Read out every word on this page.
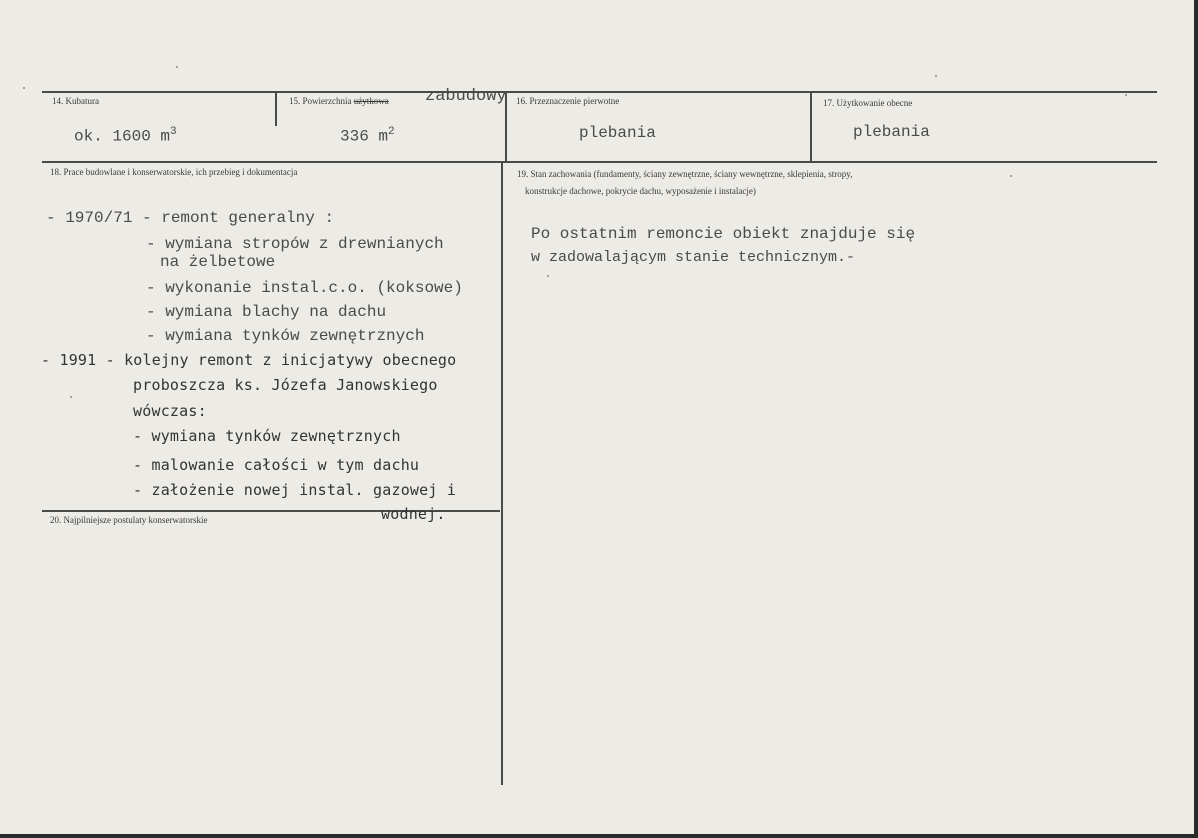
14. Kubatura
ok. 1600 $m^3$
15. Powierzchnia użytkowa zabudowy
336 $m^2$
16. Przeznaczenie pierwotne
plebania
17. Użytkowanie obecne
plebania
18. Prace budowlane i konserwatorskie, ich przebieg i dokumentacja
- 1970/71 - remont generalny :
- wymiana stropów z drewnianych
na żelbetowe
- wykonanie instal.c.o. (koksowe)
- wymiana blachy na dachu
- wymiana tynków zewnętrznych
- 1991 - kolejny remont z inicjatywy obecnego
proboszcza ks. Józefa Janowskiego
wówczas:
- wymiana tynków zewnętrznych
- malowanie całości w tym dachu
- założenie nowej instal. gazowej i
wodnej.
19. Stan zachowania (fundamenty, ściany zewnętrzne, ściany wewnętrzne, sklepienia, stropy,
konstrukcje dachowe, pokrycie dachu, wyposażenie i instalacje)
Po ostatnim remoncie obiekt znajduje się
w zadowalającym stanie technicznym.-
20. Najpilniejsze postulaty konserwatorskie
